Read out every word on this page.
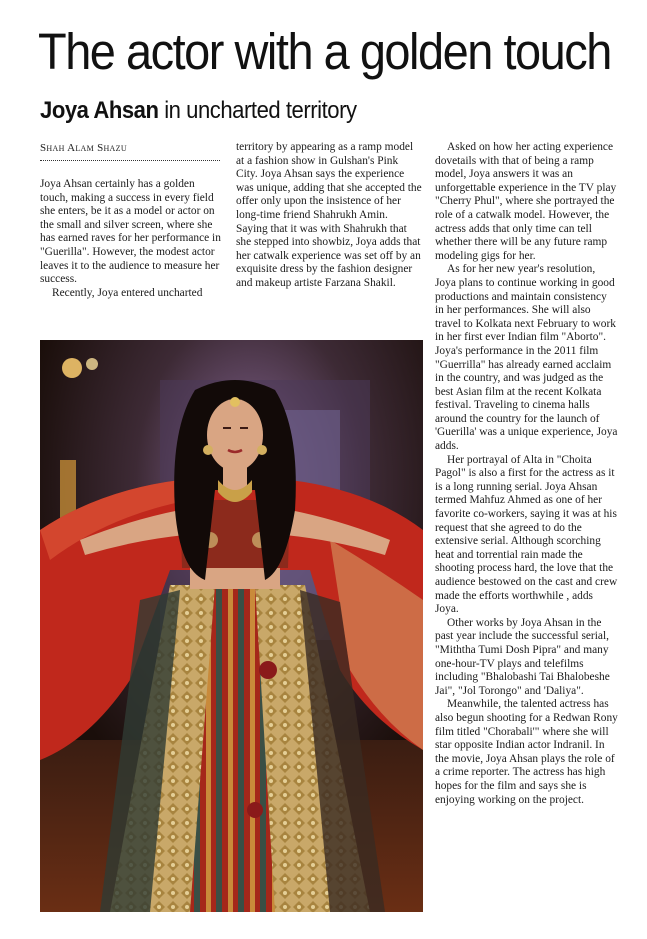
The actor with a golden touch
Joya Ahsan in uncharted territory
Shah Alam Shazu

Joya Ahsan certainly has a golden touch, making a success in every field she enters, be it as a model or actor on the small and silver screen, where she has earned raves for her performance in "Guerilla". However, the modest actor leaves it to the audience to measure her success.

Recently, Joya entered uncharted

territory by appearing as a ramp model at a fashion show in Gulshan's Pink City. Joya Ahsan says the experience was unique, adding that she accepted the offer only upon the insistence of her long-time friend Shahrukh Amin. Saying that it was with Shahrukh that she stepped into showbiz, Joya adds that her catwalk experience was set off by an exquisite dress by the fashion designer and makeup artiste Farzana Shakil.

Asked on how her acting experience dovetails with that of being a ramp model, Joya answers it was an unforgettable experience in the TV play "Cherry Phul", where she portrayed the role of a catwalk model. However, the actress adds that only time can tell whether there will be any future ramp modeling gigs for her.

As for her new year's resolution, Joya plans to continue working in good productions and maintain consistency in her performances. She will also travel to Kolkata next February to work in her first ever Indian film "Aborto". Joya's performance in the 2011 film "Guerrilla" has already earned acclaim in the country, and was judged as the best Asian film at the recent Kolkata festival. Traveling to cinema halls around the country for the launch of 'Guerilla' was a unique experience, Joya adds.

Her portrayal of Alta in "Choita Pagol" is also a first for the actress as it is a long running serial. Joya Ahsan termed Mahfuz Ahmed as one of her favorite co-workers, saying it was at his request that she agreed to do the extensive serial. Although scorching heat and torrential rain made the shooting process hard, the love that the audience bestowed on the cast and crew made the efforts worthwhile , adds Joya.

Other works by Joya Ahsan in the past year include the successful serial, "Miththa Tumi Dosh Pipra" and many one-hour-TV plays and telefilms including "Bhalobashi Tai Bhalobeshe Jai", "Jol Torongo" and 'Daliya".

Meanwhile, the talented actress has also begun shooting for a Redwan Rony film titled "Chorabali'" where she will star opposite Indian actor Indranil. In the movie, Joya Ahsan plays the role of a crime reporter. The actress has high hopes for the film and says she is enjoying working on the project.
